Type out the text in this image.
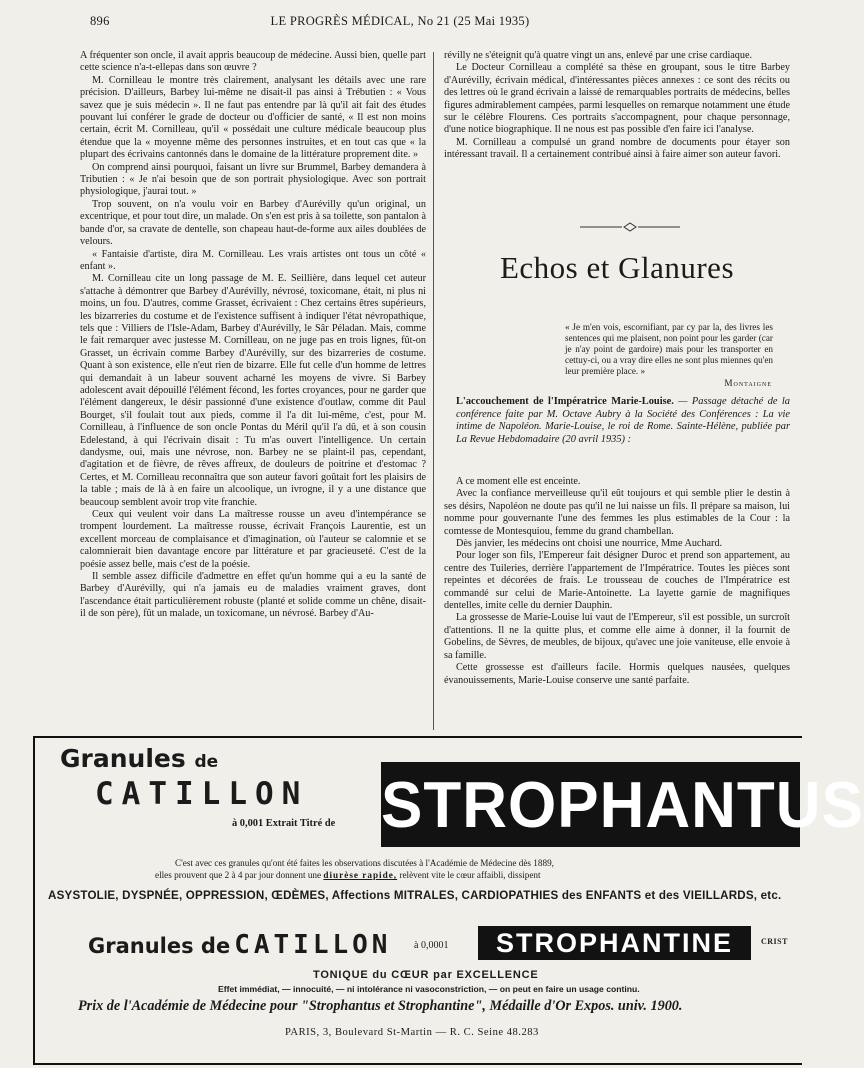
896	LE PROGRÈS MÉDICAL, No 21 (25 Mai 1935)

A fréquenter son oncle, il avait appris beaucoup de médecine. Aussi bien, quelle part cette science n'a-t-ellepas dans son œuvre ?

M. Cornilleau le montre très clairement, analysant les détails avec une rare précision. D'ailleurs, Barbey lui-même ne disait-il pas ainsi à Trébutien : « Vous savez que je suis médecin ». Il ne faut pas entendre par là qu'il ait fait des études pouvant lui conférer le grade de docteur ou d'officier de santé, « Il est non moins certain, écrit M. Cornilleau, qu'il « possédait une culture médicale beaucoup plus étendue que la « moyenne même des personnes instruites, et en tout cas que « la plupart des écrivains cantonnés dans le domaine de la littérature proprement dite. »

On comprend ainsi pourquoi, faisant un livre sur Brummel, Barbey demandera à Tributien : « Je n'ai besoin que de son portrait physiologique. Avec son portrait physiologique, j'aurai tout. »

Trop souvent, on n'a voulu voir en Barbey d'Aurévilly qu'un original, un excentrique, et pour tout dire, un malade. On s'en est pris à sa toilette, son pantalon à bande d'or, sa cravate de dentelle, son chapeau haut-de-forme aux ailes doublées de velours.

« Fantaisie d'artiste, dira M. Cornilleau. Les vrais artistes ont tous un côté « enfant ».

M. Cornilleau cite un long passage de M. E. Seillière, dans lequel cet auteur s'attache à démontrer que Barbey d'Aurévilly, névrosé, toxicomane, était, ni plus ni moins, un fou. D'autres, comme Grasset, écrivaient : Chez certains êtres supérieurs, les bizarreries du costume et de l'existence suffisent à indiquer l'état névropathique, tels que : Villiers de l'Isle-Adam, Barbey d'Aurévilly, le Sâr Péladan. Mais, comme le fait remarquer avec justesse M. Cornilleau, on ne juge pas en trois lignes, fût-on Grasset, un écrivain comme Barbey d'Aurévilly, sur des bizarreries de costume. Quant à son existence, elle n'eut rien de bizarre. Elle fut celle d'un homme de lettres qui demandait à un labeur souvent acharné les moyens de vivre. Si Barbey adolescent avait dépouillé l'élément fécond, les fortes croyances, pour ne garder que l'élément dangereux, le désir passionné d'une existence d'outlaw, comme dit Paul Bourget, s'il foulait tout aux pieds, comme il l'a dit lui-même, c'est, pour M. Cornilleau, à l'influence de son oncle Pontas du Méril qu'il l'a dû, et à son cousin Edelestand, à qui l'écrivain disait : Tu m'as ouvert l'intelligence. Un certain dandysme, oui, mais une névrose, non. Barbey ne se plaint-il pas, cependant, d'agitation et de fièvre, de rêves affreux, de douleurs de poitrine et d'estomac ? Certes, et M. Cornilleau reconnaîtra que son auteur favori goûtait fort les plaisirs de la table ; mais de là à en faire un alcoolique, un ivrogne, il y a une distance que beaucoup semblent avoir trop vite franchie.

Ceux qui veulent voir dans La maîtresse rousse un aveu d'intempérance se trompent lourdement. La maîtresse rousse, écrivait François Laurentie, est un excellent morceau de complaisance et d'imagination, où l'auteur se calomnie et se calomnierait bien davantage encore par littérature et par gracieuseté. C'est de la poésie assez belle, mais c'est de la poésie.

Il semble assez difficile d'admettre en effet qu'un homme qui a eu la santé de Barbey d'Aurévilly, qui n'a jamais eu de maladies vraiment graves, dont l'ascendance était particulièrement robuste (planté et solide comme un chêne, disait-il de son père), fût un malade, un toxicomane, un névrosé. Barbey d'Au-

révilly ne s'éteignit qu'à quatre vingt un ans, enlevé par une crise cardiaque.

Le Docteur Cornilleau a complété sa thèse en groupant, sous le titre Barbey d'Aurévilly, écrivain médical, d'intéressantes pièces annexes : ce sont des récits ou des lettres où le grand écrivain a laissé de remarquables portraits de médecins, belles figures admirablement campées, parmi lesquelles on remarque notamment une étude sur le célèbre Flourens. Ces portraits s'accompagnent, pour chaque personnage, d'une notice biographique. Il ne nous est pas possible d'en faire ici l'analyse.

M. Cornilleau a compulsé un grand nombre de documents pour étayer son intéressant travail. Il a certainement contribué ainsi à faire aimer son auteur favori.

Echos et Glanures
« Je m'en vois, escornifiant, par cy par la, des livres les sentences qui me plaisent, non point pour les garder (car je n'ay point de gardoire) mais pour les transporter en cettuy-ci, ou a vray dire elles ne sont plus miennes qu'en leur première place. »
Montaigne
L'accouchement de l'Impératrice Marie-Louise. — Passage détaché de la conférence faite par M. Octave Aubry à la Société des Conférences : La vie intime de Napoléon. Marie-Louise, le roi de Rome. Sainte-Hélène, publiée par La Revue Hebdomadaire (20 avril 1935) :

A ce moment elle est enceinte.

Avec la confiance merveilleuse qu'il eût toujours et qui semble plier le destin à ses désirs, Napoléon ne doute pas qu'il ne lui naisse un fils. Il prépare sa maison, lui nomme pour gouvernante l'une des femmes les plus estimables de la Cour : la comtesse de Montesquiou, femme du grand chambellan.

Dès janvier, les médecins ont choisi une nourrice, Mme Auchard.

Pour loger son fils, l'Empereur fait désigner Duroc et prend son appartement, au centre des Tuileries, derrière l'appartement de l'Impératrice. Toutes les pièces sont repeintes et décorées de frais. Le trousseau de couches de l'Impératrice est commandé sur celui de Marie-Antoinette. La layette garnie de magnifiques dentelles, imite celle du dernier Dauphin.

La grossesse de Marie-Louise lui vaut de l'Empereur, s'il est possible, un surcroît d'attentions. Il ne la quitte plus, et comme elle aime à donner, il la fournit de Gobelins, de Sèvres, de meubles, de bijoux, qu'avec une joie vaniteuse, elle envoie à sa famille.

Cette grossesse est d'ailleurs facile. Hormis quelques nausées, quelques évanouissements, Marie-Louise conserve une santé parfaite.

Granules de
CATILLON
à 0,001 Extrait Titré de STROPHANTUS
C'est avec ces granules qu'ont été faites les observations discutées à l'Académie de Médecine dès 1889,
elles prouvent que 2 à 4 par jour donnent une diurèse rapide, relèvent vite le cœur affaibli, dissipent
ASYSTOLIE, DYSPNÉE, OPPRESSION, ŒDÈMES, Affections MITRALES, CARDIOPATHIES des ENFANTS et des VIEILLARDS, etc.
Granules de CATILLON à 0,0001	STROPHANTINE	CRIST
TONIQUE du CŒUR par EXCELLENCE
Effet immédiat, — innocuité, — ni intolérance ni vasoconstriction, — on peut en faire un usage continu.
Prix de l'Académie de Médecine pour "Strophantus et Strophantine", Médaille d'Or Expos. univ. 1900.
PARIS, 3, Boulevard St-Martin — R. C. Seine 48.283
